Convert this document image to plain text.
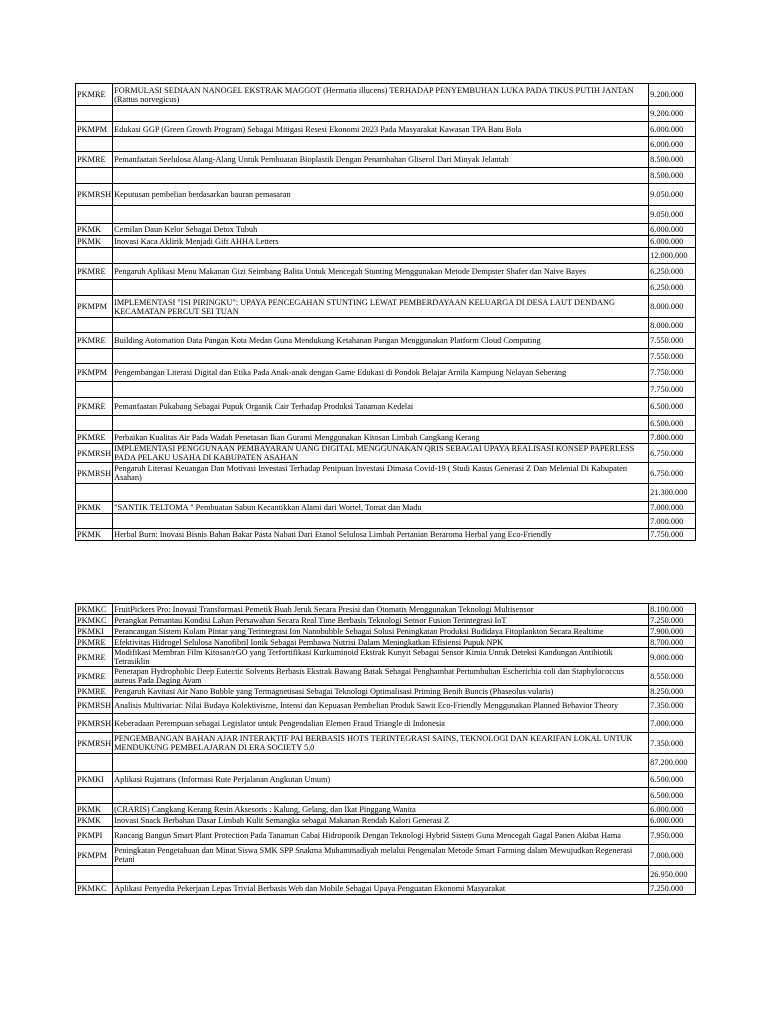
PKMRE	FORMULASI SEDIAAN NANOGEL EKSTRAK MAGGOT (Hermatia illucens) TERHADAP PENYEMBUHAN LUKA PADA TIKUS PUTIH JANTAN (Rattus norvegicus)	9.200.000
		9.200.000
PKMPM	Edukasi GGP (Green Growth Program) Sebagai Mitigasi Resesi Ekonomi 2023 Pada Masyarakat Kawasan TPA Batu Bola	6.000.000
		6.000.000
PKMRE	Pemanfaatan Seelulosa Alang-Alang Untuk Pembuatan Bioplastik Dengan Penambahan Gliserol Dari Minyak Jelantah	8.500.000
		8.500.000
PKMRSH	Keputusan pembelian berdasarkan bauran pemasaran	9.050.000
		9.050.000
PKMK	Cemilan Daun Kelor Sebagai Detox Tubuh	6.000.000
PKMK	Inovasi Kaca Aklirik Menjadi Gift AHHA Letters	6.000.000
		12.000.000
PKMRE	Pengaruh Aplikasi Menu Makanan Gizi Seimbang Balita Untuk Mencegah Stunting Menggunakan Metode Dempster Shafer dan Naive Bayes	6.250.000
		6.250.000
PKMPM	IMPLEMENTASI "ISI PIRINGKU": UPAYA PENCEGAHAN STUNTING LEWAT PEMBERDAYAAN KELUARGA DI DESA LAUT DENDANG KECAMATAN PERCUT SEI TUAN	8.000.000
		8.000.000
PKMRE	Building Automation Data Pangan Kota Medan Guna Mendukung Ketahanan Pangan Menggunakan Platform Cloud Computing	7.550.000
		7.550.000
PKMPM	Pengembangan Literasi Digital dan Etika Pada Anak-anak dengan Game Edukasi di Pondok Belajar Arnila Kampung Nelayan Seberang	7.750.000
		7.750.000
PKMRE	Pemanfaatan Pukabang Sebagai Pupuk Organik Cair Terhadap Produksi Tanaman Kedelai	6.500.000
		6.500.000
PKMRE	Perbaikan Kualitas Air Pada Wadah Penetasan Ikan Gurami Menggunakan Kitosan Limbah Cangkang Kerang	7.800.000
PKMRSH	IMPLEMENTASI PENGGUNAAN PEMBAYARAN UANG DIGITAL MENGGUNAKAN QRIS SEBAGAI UPAYA REALISASI KONSEP PAPERLESS PADA PELAKU USAHA DI KABUPATEN ASAHAN	6.750.000
PKMRSH	Pengaruh Literasi Keuangan Dan Motivasi Investasi Terhadap Penipuan Investasi Dimasa Covid-19 ( Studi Kasus Generasi Z Dan Melenial Di Kabupaten Asahan)	6.750.000
		21.300.000
PKMK	"SANTIK TELTOMA " Pembuatan Sabun Kecantikkan Alami dari Wortel, Tomat dan Madu	7.000.000
		7.000.000
PKMK	Herbal Burn: Inovasi Bisnis Bahan Bakar Pasta Nabati Dari Etanol Selulosa Limbah Pertanian Beraroma Herbal yang Eco-Friendly	7.750.000
PKMKC	FruitPickers Pro: Inovasi Transformasi Pemetik Buah Jeruk Secara Presisi dan Otomatis Menggunakan Teknologi Multisensor	8.100.000
PKMKC	Perangkat Pemantau Kondisi Lahan Persawahan Secara Real Time Berbasis Teknologi Sensor Fusion Terintegrasi IoT	7.250.000
PKMKI	Perancangan Sistem Kolam Pintar yang Terintegrasi Ion Nanobubble Sebagai Solusi Peningkatan Produksi Budidaya Fitoplankton Secara Realtime	7.900.000
PKMRE	Efektivitas Hidrogel Selulosa Nanofibril Ionik Sebagai Pembawa Nutrisi Dalam Meningkatkan Efisiensi Pupuk NPK	8.700.000
PKMRE	Modifikasi Membran Film Kitosan/rGO yang Terfortifikasi Kurkuminoid Ekstrak Kunyit Sebagai Sensor Kimia Untuk Deteksi Kandungan Antibiotik Tetrasiklin	9.000.000
PKMRE	Penerapan Hydrophobic Deep Eutectic Solvents Berbasis Ekstrak Bawang Batak Sebagai Penghambat Pertumbuhan Escherichia coli dan Staphylococcus aureus Pada Daging Ayam	8.550.000
PKMRE	Pengaruh Kavitasi Air Nano Bubble yang Termagnetisasi Sebagai Teknologi Optimalisasi Priming Benih Buncis (Phaseolus vularis)	8.250.000
PKMRSH	Analisis Multivariat: Nilai Budaya Kolektivisme, Intensi dan Kepuasan Pembelian Produk Sawit Eco-Friendly Menggunakan Planned Behavior Theory	7.350.000
PKMRSH	Keberadaan Perempuan sebagai Legislator untuk Pengendalian Elemen Fraud Triangle di Indonesia	7.000.000
PKMRSH	PENGEMBANGAN BAHAN AJAR INTERAKTIF PAI BERBASIS HOTS TERINTEGRASI SAINS, TEKNOLOGI DAN KEARIFAN LOKAL UNTUK MENDUKUNG PEMBELAJARAN DI ERA SOCIETY 5.0	7.350.000
		87.200.000
PKMKI	Aplikasi Rujatrans (Informasi Rute Perjalanan Angkutan Umum)	6.500.000
		6.500.000
PKMK	(CRARIS) Cangkang Kerang Resin Aksesoris : Kalung, Gelang, dan Ikat Pinggang Wanita	6.000.000
PKMK	Inovasi Snack Berbahan Dasar Limbah Kulit Semangka sebagai Makanan Rendah Kalori Generasi Z	6.000.000
PKMPI	Rancang Bangun Smart Plant Protection Pada Tanaman Cabai Hidroponik Dengan Teknologi Hybrid Sistem Guna Mencegah Gagal Panen Akibat Hama	7.950.000
PKMPM	Peningkatan Pengetahuan dan Minat Siswa SMK SPP Snakma Muhammadiyah melalui Pengenalan Metode Smart Farming dalam Mewujudkan Regenerasi Petani	7.000.000
		26.950.000
PKMKC	Aplikasi Penyedia Pekerjaan Lepas Trivial Berbasis Web dan Mobile Sebagai Upaya Penguatan Ekonomi Masyarakat	7.250.000
